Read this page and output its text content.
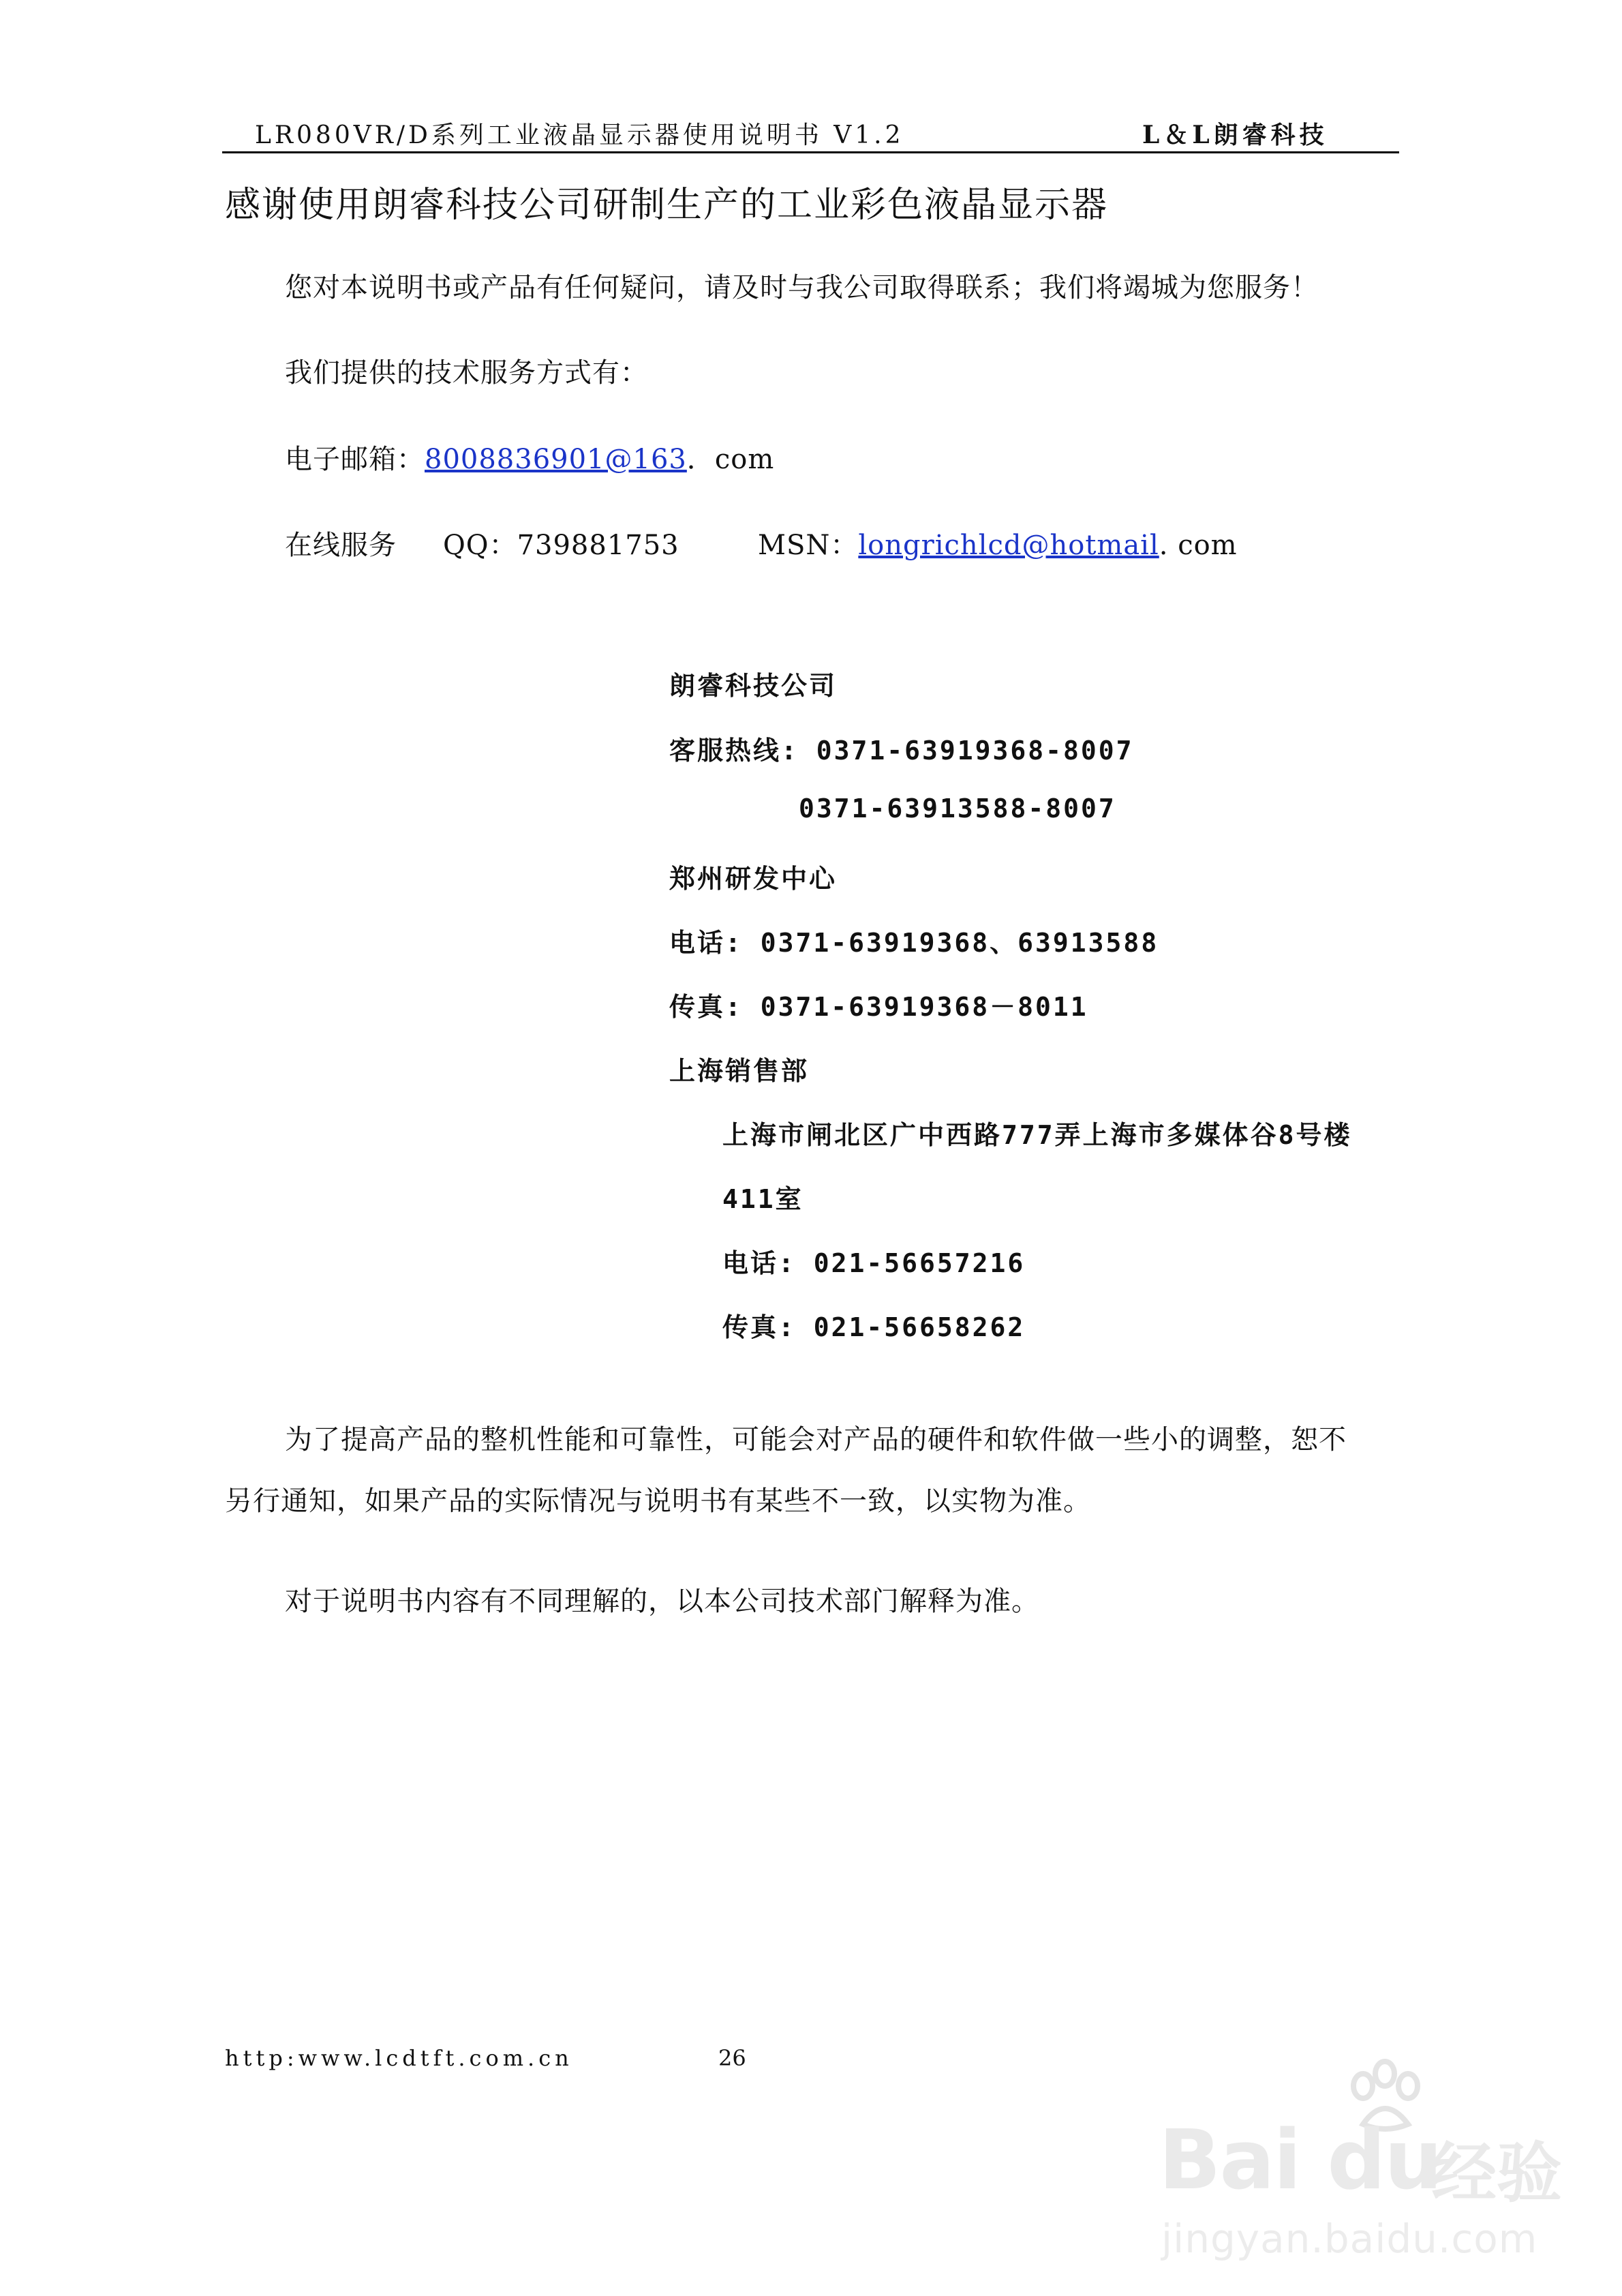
LR080VR/D系列工业液晶显示器使用说明书 V1.2	L＆L朗睿科技
感谢使用朗睿科技公司研制生产的工业彩色液晶显示器
您对本说明书或产品有任何疑问，请及时与我公司取得联系；我们将竭城为您服务！
我们提供的技术服务方式有：
电子邮箱：8008836901@163．com
在线服务 QQ：739881753	MSN：longrichlcd@hotmail. com
朗睿科技公司
客服热线: 0371-63919368-8007
0371-63913588-8007
郑州研发中心
电话: 0371-63919368、63913588
传真: 0371-63919368－8011
上海销售部
上海市闸北区广中西路777弄上海市多媒体谷8号楼
411室
电话: 021-56657216
传真: 021-56658262
为了提高产品的整机性能和可靠性，可能会对产品的硬件和软件做一些小的调整，恕不
另行通知，如果产品的实际情况与说明书有某些不一致，以实物为准。
对于说明书内容有不同理解的，以本公司技术部门解释为准。
http:www.lcdtft.com.cn	26
Bai du
经验
jingyan.baidu.com
